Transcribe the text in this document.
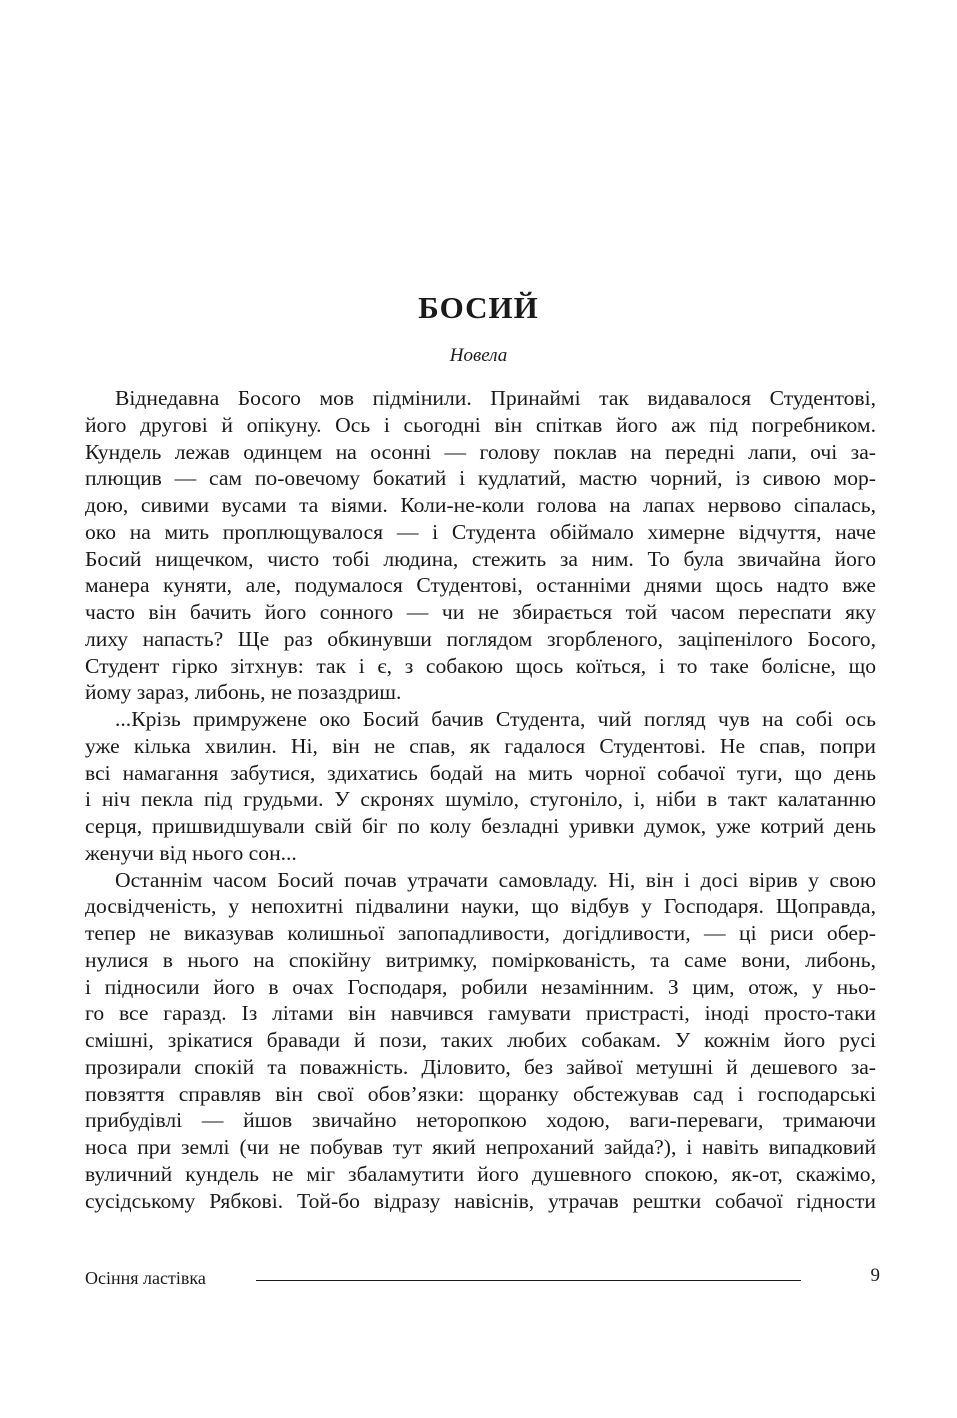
БОСИЙ

Новела

Віднедавна Босого мов підмінили. Принаймі так видавалося Студентові,
його другові й опікуну. Ось і сьогодні він спіткав його аж під погребником.
Кундель лежав одинцем на осонні — голову поклав на передні лапи, очі за-
плющив — сам по-овечому бокатий і кудлатий, мастю чорний, із сивою мор-
дою, сивими вусами та віями. Коли-не-коли голова на лапах нервово сіпалась,
око на мить проплющувалося — і Студента обіймало химерне відчуття, наче
Босий нищечком, чисто тобі людина, стежить за ним. То була звичайна його
манера куняти, але, подумалося Студентові, останніми днями щось надто вже
часто він бачить його сонного — чи не збирається той часом переспати яку
лиху напасть? Ще раз обкинувши поглядом згорбленого, заціпенілого Босого,
Студент гірко зітхнув: так і є, з собакою щось коїться, і то таке болісне, що
йому зараз, либонь, не позаздриш.
...Крізь примружене око Босий бачив Студента, чий погляд чув на собі ось
уже кілька хвилин. Ні, він не спав, як гадалося Студентові. Не спав, попри
всі намагання забутися, здихатись бодай на мить чорної собачої туги, що день
і ніч пекла під грудьми. У скронях шуміло, стугоніло, і, ніби в такт калатанню
серця, пришвидшували свій біг по колу безладні уривки думок, уже котрий день
женучи від нього сон...
Останнім часом Босий почав утрачати самовладу. Ні, він і досі вірив у свою
досвідченість, у непохитні підвалини науки, що відбув у Господаря. Щоправда,
тепер не виказував колишньої запопадливости, догідливости, — ці риси обер-
нулися в нього на спокійну витримку, поміркованість, та саме вони, либонь,
і підносили його в очах Господаря, робили незамінним. З цим, отож, у ньо-
го все гаразд. Із літами він навчився гамувати пристрасті, іноді просто-таки
смішні, зрікатися бравади й пози, таких любих собакам. У кожнім його русі
прозирали спокій та поважність. Діловито, без зайвої метушні й дешевого за-
повзяття справляв він свої обов’язки: щоранку обстежував сад і господарські
прибудівлі — йшов звичайно неторопкою ходою, ваги-переваги, тримаючи
носа при землі (чи не побував тут який непроханий зайда?), і навіть випадковий
вуличний кундель не міг збаламутити його душевного спокою, як-от, скажімо,
сусідському Рябкові. Той-бо відразу навіснів, утрачав рештки собачої гідности

Осіння ластівка	9
